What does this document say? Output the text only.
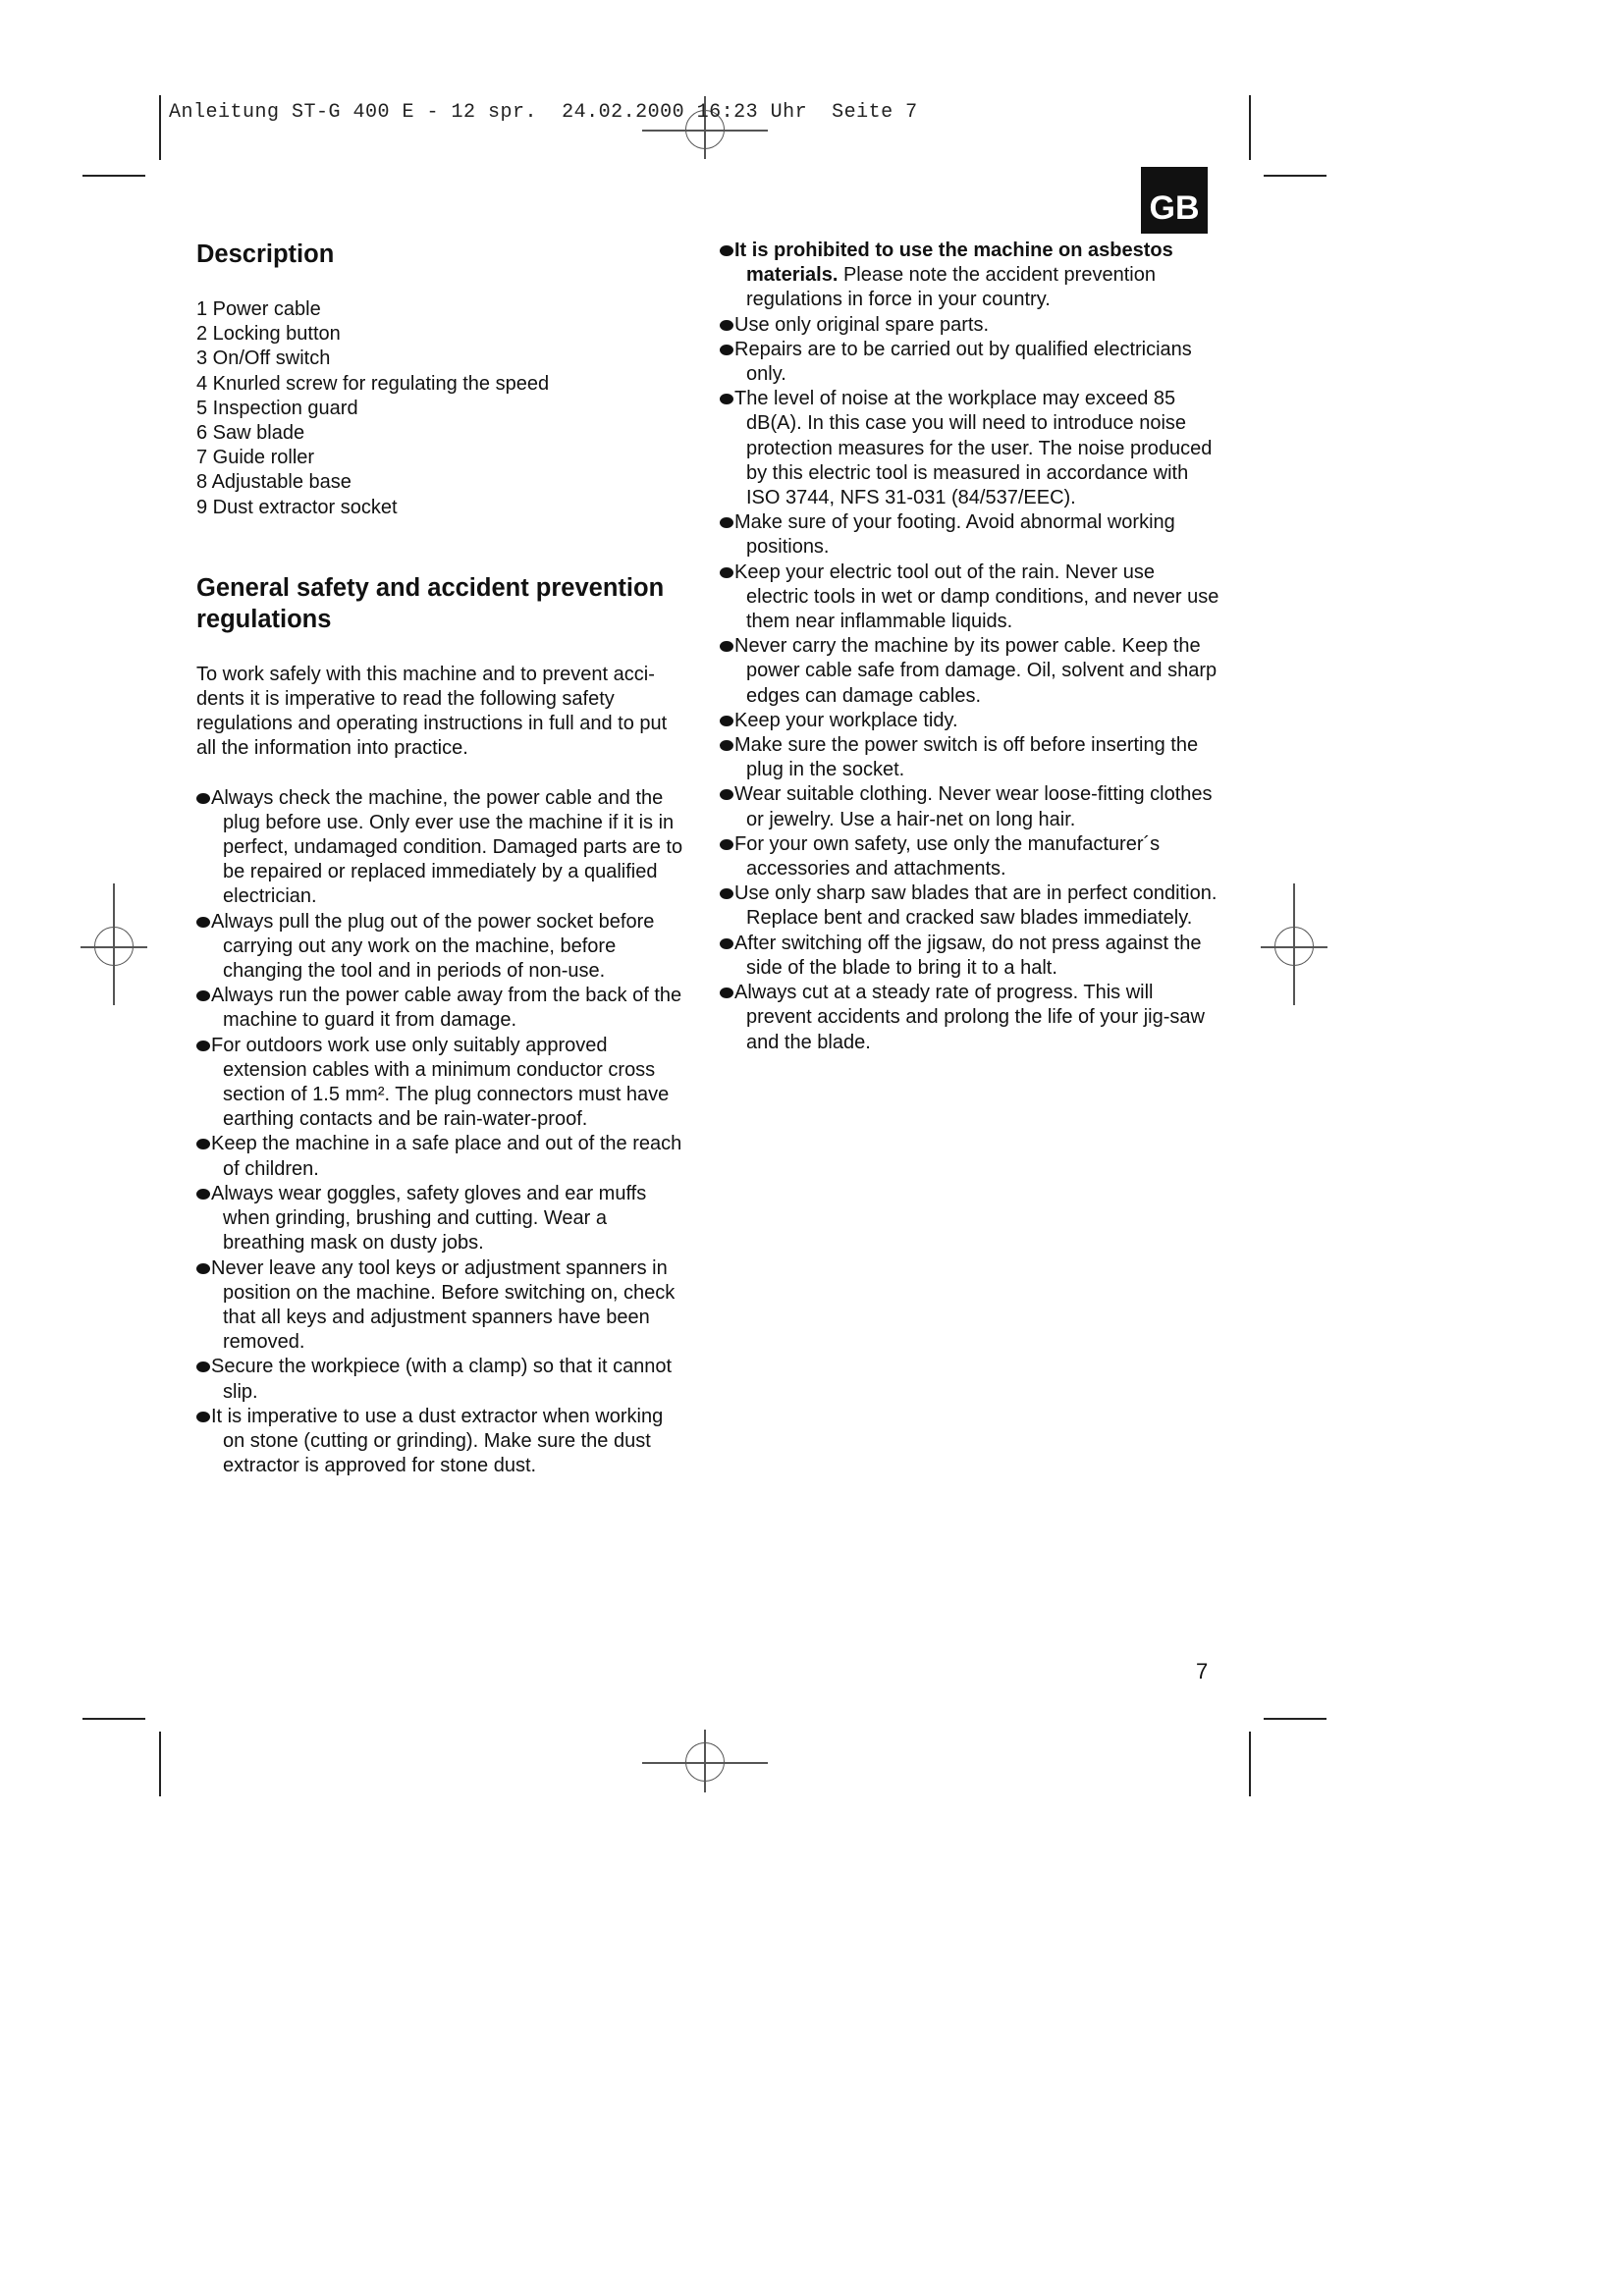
Anleitung ST-G 400 E - 12 spr.  24.02.2000 16:23 Uhr  Seite 7
GB
Description
1 Power cable
2 Locking button
3 On/Off switch
4 Knurled screw for regulating the speed
5 Inspection guard
6 Saw blade
7 Guide roller
8 Adjustable base
9 Dust extractor socket
General safety and accident prevention
regulations

To work safely with this machine and to prevent acci-dents it is imperative to read the following safety regulations and operating instructions in full and to put all the information into practice.

Always check the machine, the power cable and the plug before use. Only ever use the machine if it is in perfect, undamaged condition. Damaged parts are to be repaired or replaced immediately by a qualified electrician.
Always pull the plug out of the power socket before carrying out any work on the machine, before changing the tool and in periods of non-use.
Always run the power cable away from the back of the machine to guard it from damage.
For outdoors work use only suitably approved extension cables with a minimum conductor cross section of 1.5 mm². The plug connectors must have earthing contacts and be rain-water-proof.
Keep the machine in a safe place and out of the reach of children.
Always wear goggles, safety gloves and ear muffs when grinding, brushing and cutting. Wear a breathing mask on dusty jobs.
Never leave any tool keys or adjustment spanners in position on the machine. Before switching on, check that all keys and adjustment spanners have been removed.
Secure the workpiece (with a clamp) so that it cannot slip.
It is imperative to use a dust extractor when working on stone (cutting or grinding). Make sure the dust extractor is approved for stone dust.
It is prohibited to use the machine on asbestos materials. Please note the accident prevention regulations in force in your country.
Use only original spare parts.
Repairs are to be carried out by qualified electricians only.
The level of noise at the workplace may exceed 85 dB(A). In this case you will need to introduce noise protection measures for the user. The noise produced by this electric tool is measured in accordance with ISO 3744, NFS 31-031 (84/537/EEC).
Make sure of your footing. Avoid abnormal working positions.
Keep your electric tool out of the rain. Never use electric tools in wet or damp conditions, and never use them near inflammable liquids.
Never carry the machine by its power cable. Keep the power cable safe from damage. Oil, solvent and sharp edges can damage cables.
Keep your workplace tidy.
Make sure the power switch is off before inserting the plug in the socket.
Wear suitable clothing. Never wear loose-fitting clothes or jewelry. Use a hair-net on long hair.
For your own safety, use only the manufacturer´s accessories and attachments.
Use only sharp saw blades that are in perfect condition. Replace bent and cracked saw blades immediately.
After switching off the jigsaw, do not press against the side of the blade to bring it to a halt.
Always cut at a steady rate of progress. This will prevent accidents and prolong the life of your jig-saw and the blade.
7
